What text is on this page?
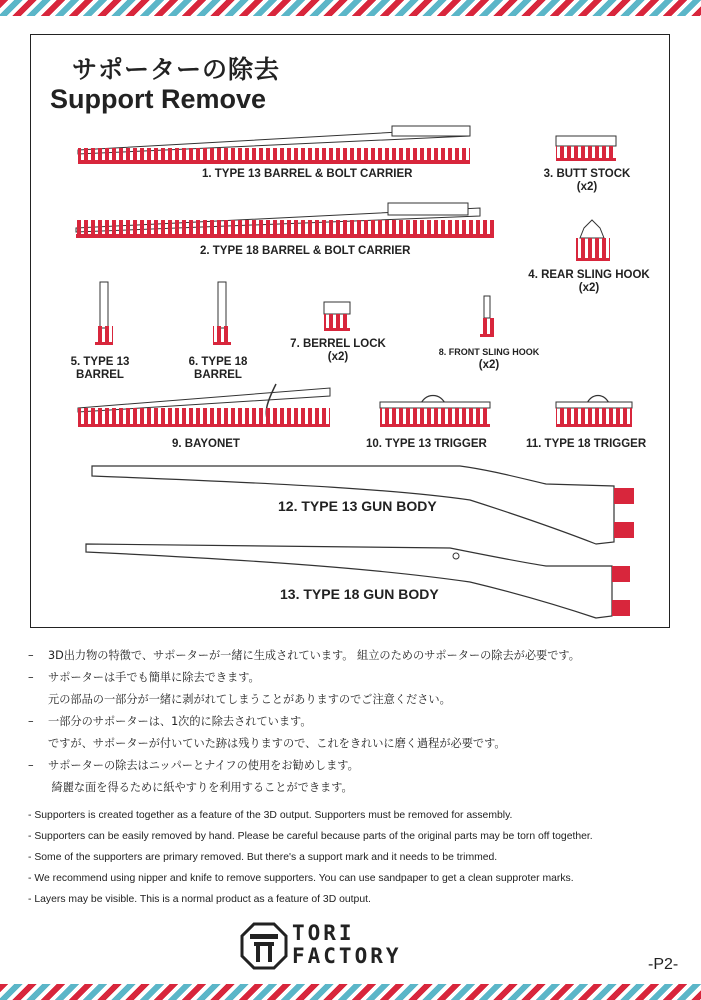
サポーターの除去
Support Remove
1. TYPE 13 BARREL & BOLT CARRIER
2. TYPE 18 BARREL & BOLT CARRIER
3. BUTT STOCK
(x2)
4. REAR SLING HOOK
(x2)
5. TYPE 13
BARREL
6. TYPE 18
BARREL
7. BERREL LOCK
(x2)	8. FRONT SLING HOOK
(x2)
9. BAYONET	10. TYPE 13 TRIGGER	11. TYPE 18 TRIGGER
12. TYPE 13 GUN BODY
13. TYPE 18 GUN BODY
– 3D出力物の特徴で、サポーターが一緒に生成されています。 組立のためのサポーターの除去が必要です。
– サポーターは手でも簡単に除去できます。
元の部品の一部分が一緒に剥がれてしまうことがありますのでご注意ください。
– 一部分のサポーターは、1次的に除去されています。
ですが、サポーターが付いていた跡は残りますので、これをきれいに磨く過程が必要です。
– サポーターの除去はニッパーとナイフの使用をお勧めします。
綺麗な面を得るために紙やすりを利用することができます。
- Supporters is created together as a feature of the 3D output. Supporters must be removed for assembly.
- Supporters can be easily removed by hand. Please be careful because parts of the original parts may be torn off together.
- Some of the supporters are primary removed. But there's a support mark and it needs to be trimmed.
- We recommend using nipper and knife to remove supporters. You can use sandpaper to get a clean supproter marks.
- Layers may be visible. This is a normal product as a feature of 3D output.
TORI
FACTORY	-P2-
